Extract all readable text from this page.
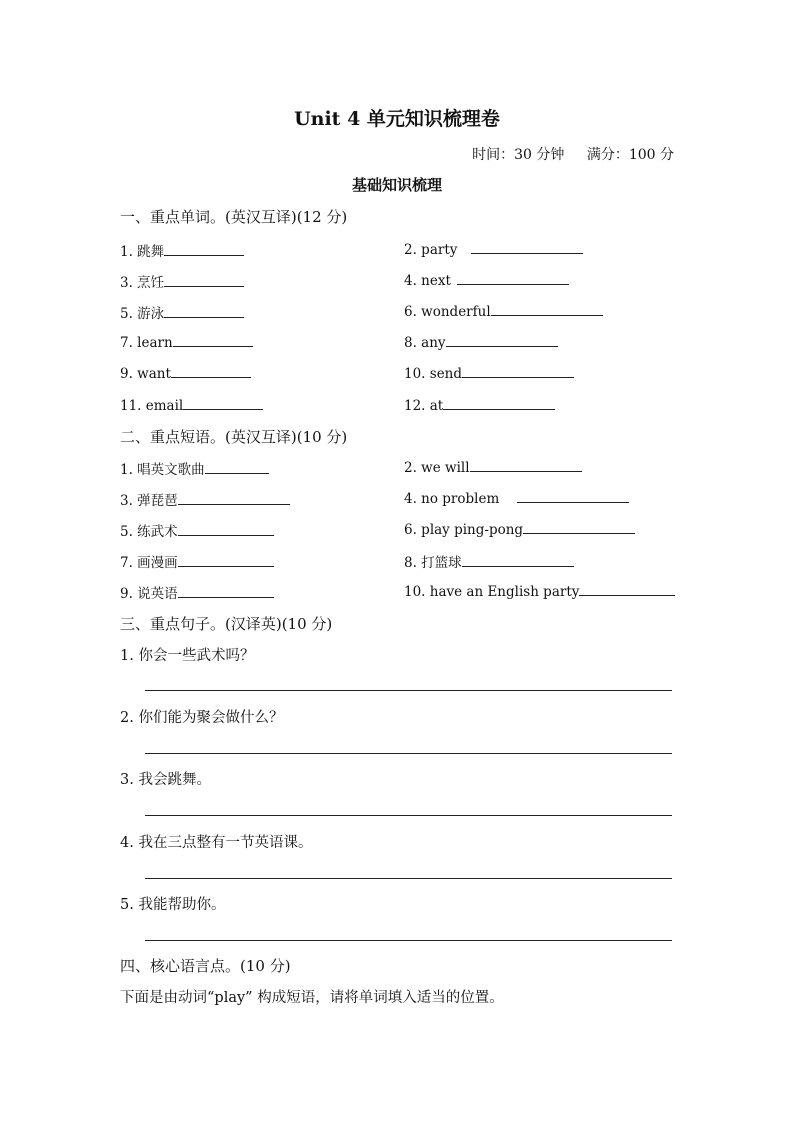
Unit 4 单元知识梳理卷
时间：30 分钟 满分：100 分
基础知识梳理
一、重点单词。(英汉互译)(12 分)
1. 跳舞	2. party
3. 烹饪	4. next
5. 游泳	6. wonderful
7. learn	8. any
9. want	10. send
11. email	12. at
二、重点短语。(英汉互译)(10 分)
1. 唱英文歌曲	2. we will
3. 弹琵琶	4. no problem
5. 练武术	6. play ping-pong
7. 画漫画	8. 打篮球
9. 说英语	10. have an English party
三、重点句子。(汉译英)(10 分)
1. 你会一些武术吗？
2. 你们能为聚会做什么？
3. 我会跳舞。
4. 我在三点整有一节英语课。
5. 我能帮助你。
四、核心语言点。(10 分)
下面是由动词“play” 构成短语，请将单词填入适当的位置。
